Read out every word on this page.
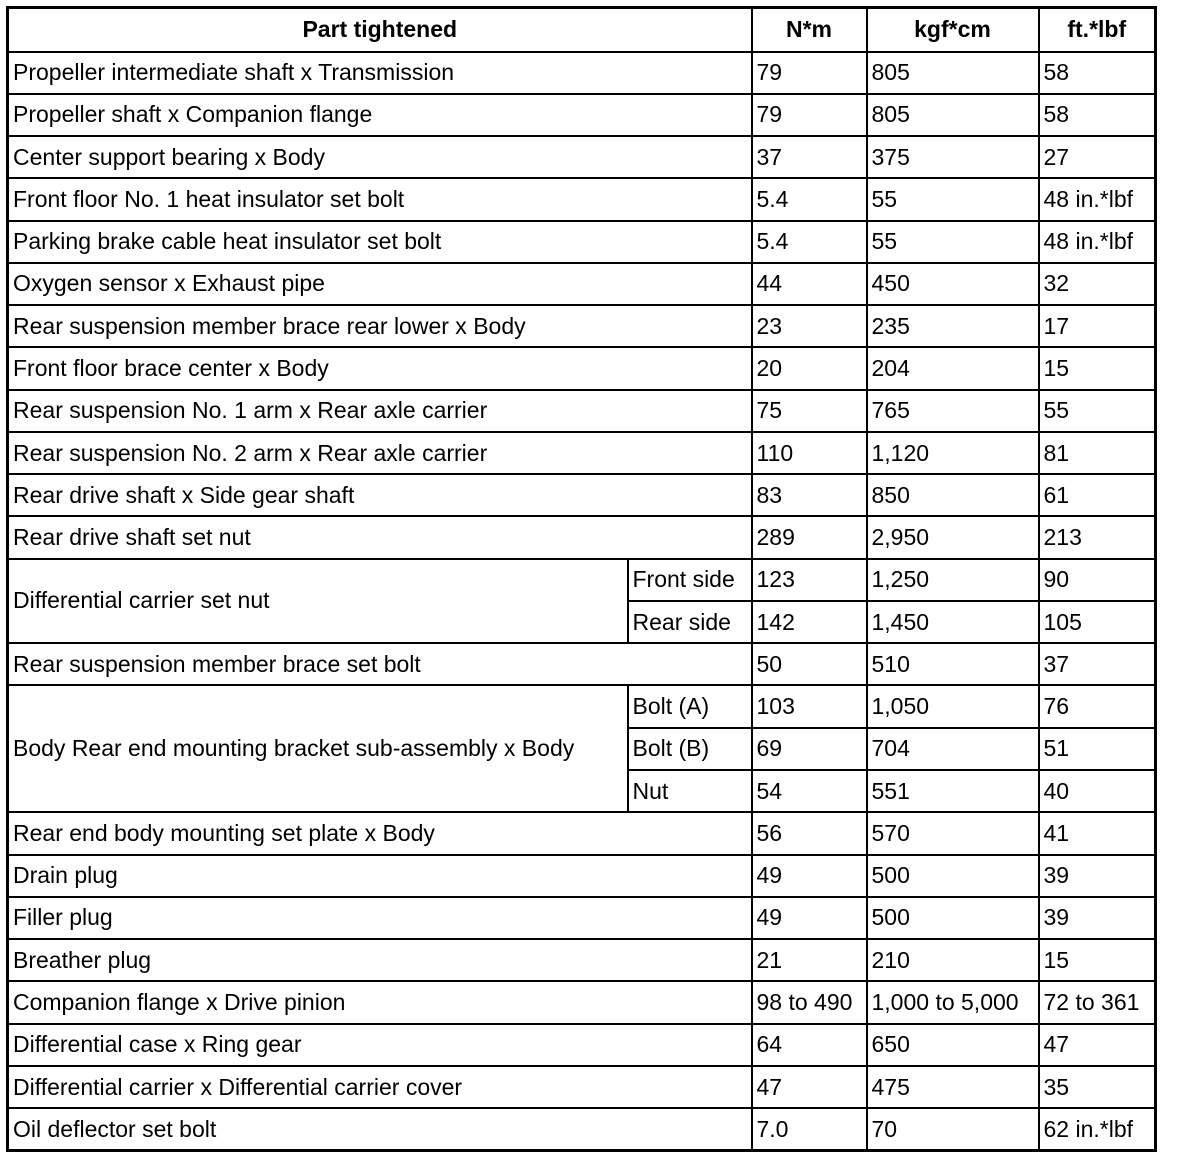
Part tightened		N*m	kgf*cm	ft.*lbf
Propeller intermediate shaft x Transmission		79	805	58
Propeller shaft x Companion flange		79	805	58
Center support bearing x Body		37	375	27
Front floor No. 1 heat insulator set bolt		5.4	55	48 in.*lbf
Parking brake cable heat insulator set bolt		5.4	55	48 in.*lbf
Oxygen sensor x Exhaust pipe		44	450	32
Rear suspension member brace rear lower x Body		23	235	17
Front floor brace center x Body		20	204	15
Rear suspension No. 1 arm x Rear axle carrier		75	765	55
Rear suspension No. 2 arm x Rear axle carrier		110	1,120	81
Rear drive shaft x Side gear shaft		83	850	61
Rear drive shaft set nut		289	2,950	213
Differential carrier set nut	Front side	123	1,250	90
	Rear side	142	1,450	105
Rear suspension member brace set bolt		50	510	37
Body Rear end mounting bracket sub-assembly x Body	Bolt (A)	103	1,050	76
	Bolt (B)	69	704	51
	Nut	54	551	40
Rear end body mounting set plate x Body		56	570	41
Drain plug		49	500	39
Filler plug		49	500	39
Breather plug		21	210	15
Companion flange x Drive pinion		98 to 490	1,000 to 5,000	72 to 361
Differential case x Ring gear		64	650	47
Differential carrier x Differential carrier cover		47	475	35
Oil deflector set bolt		7.0	70	62 in.*lbf
